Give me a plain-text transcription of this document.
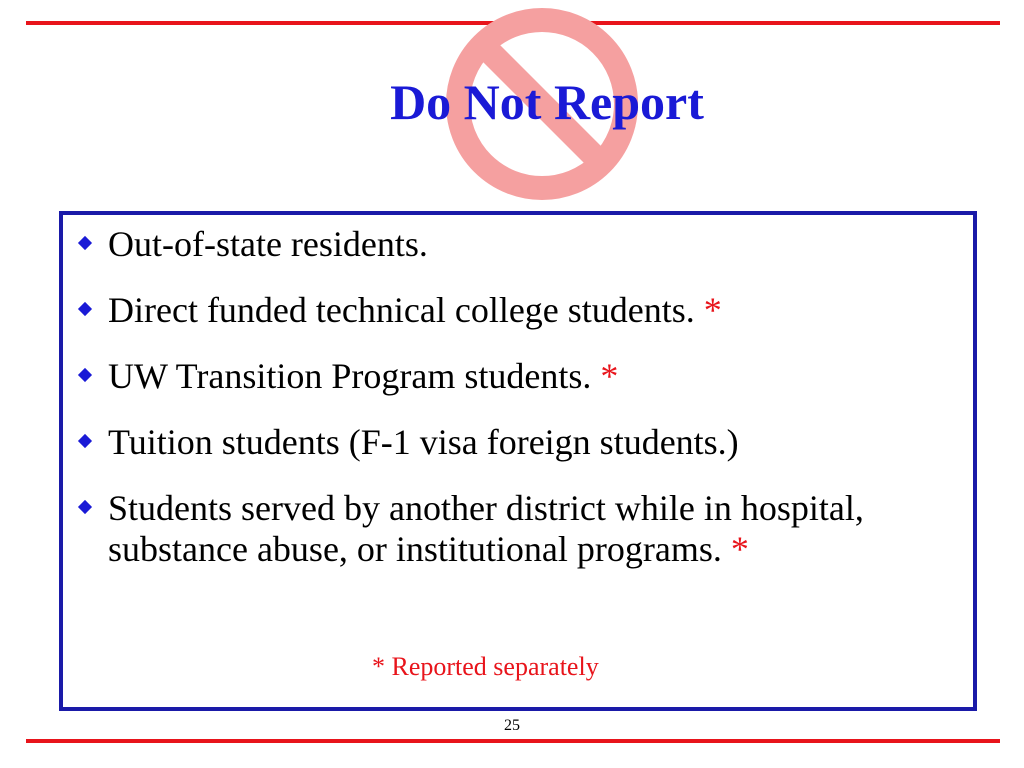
Do Not Report
Out-of-state residents.
Direct funded technical college students. *
UW Transition Program students. *
Tuition students (F-1 visa foreign students.)
Students served by another district while in hospital, substance abuse, or institutional programs. *
* Reported separately
25
